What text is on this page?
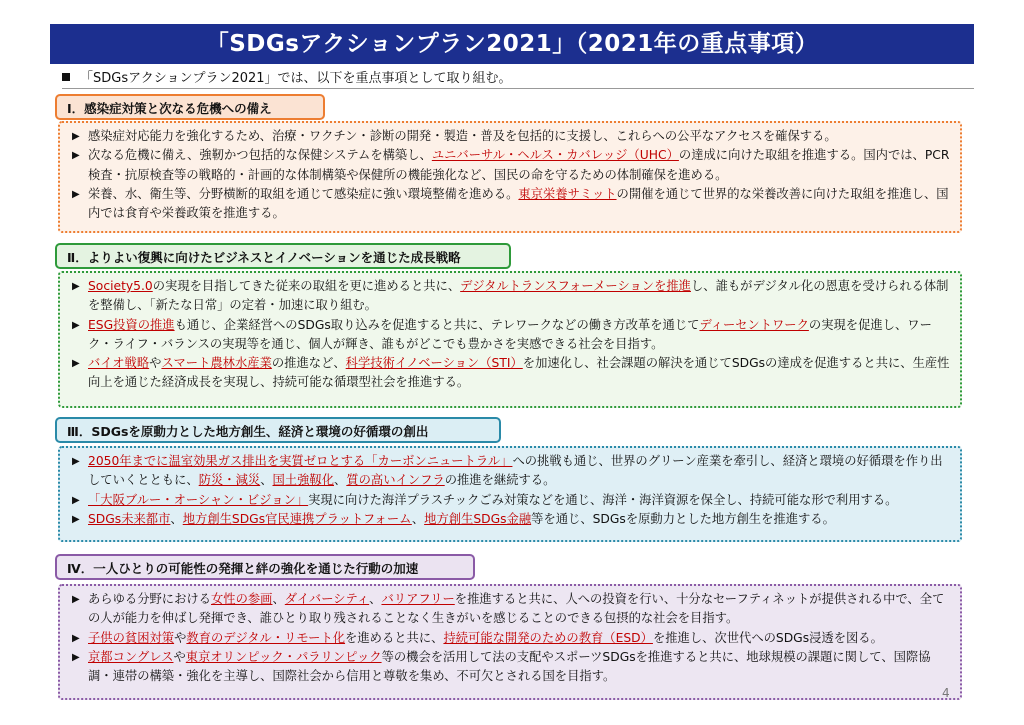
「SDGsアクションプラン2021」（2021年の重点事項）
「SDGsアクションプラン2021」では、以下を重点事項として取り組む。
Ⅰ．感染症対策と次なる危機への備え
▶ 感染症対応能力を強化するため、治療・ワクチン・診断の開発・製造・普及を包括的に支援し、これらへの公平なアクセスを確保する。
▶ 次なる危機に備え、強靭かつ包括的な保健システムを構築し、ユニバーサル・ヘルス・カバレッジ（UHC）の達成に向けた取組を推進する。国内では、PCR 検査・抗原検査等の戦略的・計画的な体制構築や保健所の機能強化など、国民の命を守るための体制確保を進める。
▶ 栄養、水、衛生等、分野横断的取組を通じて感染症に強い環境整備を進める。東京栄養サミットの開催を通じて世界的な栄養改善に向けた取組を推進し、国内では食育や栄養政策を推進する。
Ⅱ．よりよい復興に向けたビジネスとイノベーションを通じた成長戦略
▶ Society5.0の実現を目指してきた従来の取組を更に進めると共に、デジタルトランスフォーメーションを推進し、誰もがデジタル化の恩恵を受けられる体制を整備し、「新たな日常」の定着・加速に取り組む。
▶ ESG投資の推進も通じ、企業経営へのSDGs取り込みを促進すると共に、テレワークなどの働き方改革を通じてディーセントワークの実現を促進し、ワーク・ライフ・バランスの実現等を通じ、個人が輝き、誰もがどこでも豊かさを実感できる社会を目指す。
▶ バイオ戦略やスマート農林水産業の推進など、科学技術イノベーション（STI）を加速化し、社会課題の解決を通じてSDGsの達成を促進すると共に、生産性向上を通じた経済成長を実現し、持続可能な循環型社会を推進する。
Ⅲ．SDGsを原動力とした地方創生、経済と環境の好循環の創出
▶ 2050年までに温室効果ガス排出を実質ゼロとする「カーボンニュートラル」への挑戦も通じ、世界のグリーン産業を牽引し、経済と環境の好循環を作り出していくとともに、防災・減災、国土強靱化、質の高いインフラの推進を継続する。
▶ 「大阪ブルー・オーシャン・ビジョン」実現に向けた海洋プラスチックごみ対策などを通じ、海洋・海洋資源を保全し、持続可能な形で利用する。
▶ SDGs未来都市、地方創生SDGs官民連携プラットフォーム、地方創生SDGs金融等を通じ、SDGsを原動力とした地方創生を推進する。
Ⅳ．一人ひとりの可能性の発揮と絆の強化を通じた行動の加速
▶ あらゆる分野における女性の参画、ダイバーシティ、バリアフリーを推進すると共に、人への投資を行い、十分なセーフティネットが提供される中で、全ての人が能力を伸ばし発揮でき、誰ひとり取り残されることなく生きがいを感じることのできる包摂的な社会を目指す。
▶ 子供の貧困対策や教育のデジタル・リモート化を進めると共に、持続可能な開発のための教育（ESD）を推進し、次世代へのSDGs浸透を図る。
▶ 京都コングレスや東京オリンピック・パラリンピック等の機会を活用して法の支配やスポーツSDGsを推進すると共に、地球規模の課題に関して、国際協調・連帯の構築・強化を主導し、国際社会から信用と尊敬を集め、不可欠とされる国を目指す。
4
